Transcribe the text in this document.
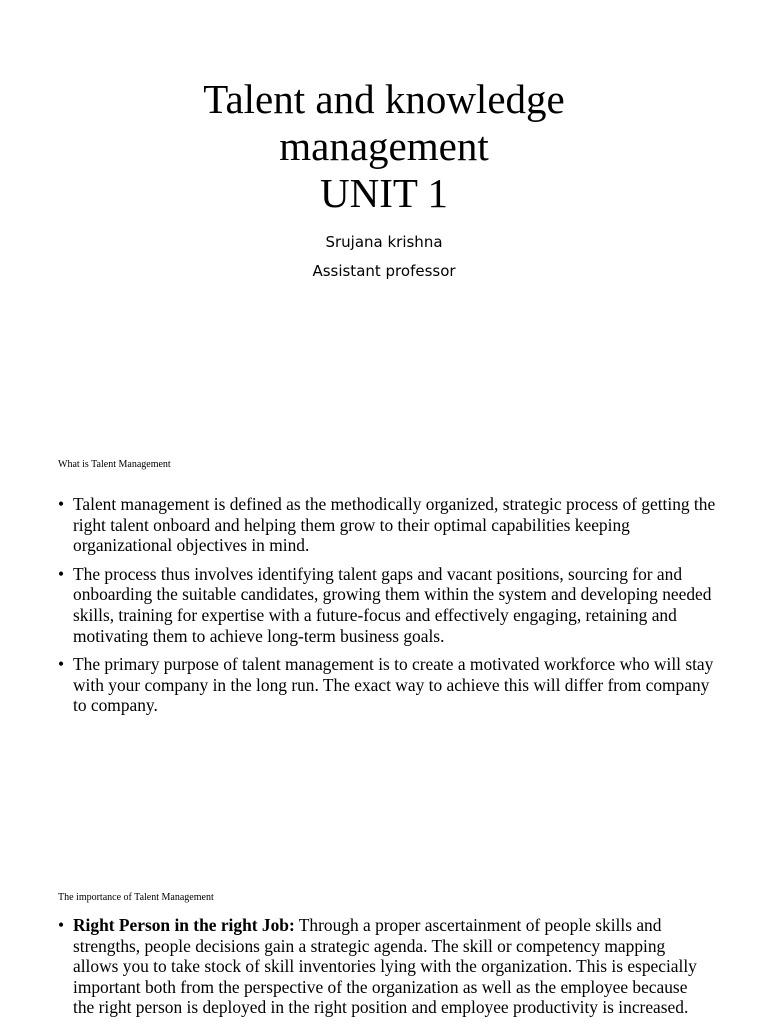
Talent and knowledge
management
UNIT 1
Srujana krishna
Assistant professor
What is Talent Management
• Talent management is defined as the methodically organized, strategic process of getting the right talent onboard and helping them grow to their optimal capabilities keeping organizational objectives in mind.
• The process thus involves identifying talent gaps and vacant positions, sourcing for and onboarding the suitable candidates, growing them within the system and developing needed skills, training for expertise with a future-focus and effectively engaging, retaining and motivating them to achieve long-term business goals.
• The primary purpose of talent management is to create a motivated workforce who will stay with your company in the long run. The exact way to achieve this will differ from company to company.
The importance of Talent Management
• Right Person in the right Job: Through a proper ascertainment of people skills and strengths, people decisions gain a strategic agenda. The skill or competency mapping allows you to take stock of skill inventories lying with the organization. This is especially important both from the perspective of the organization as well as the employee because the right person is deployed in the right position and employee productivity is increased.
